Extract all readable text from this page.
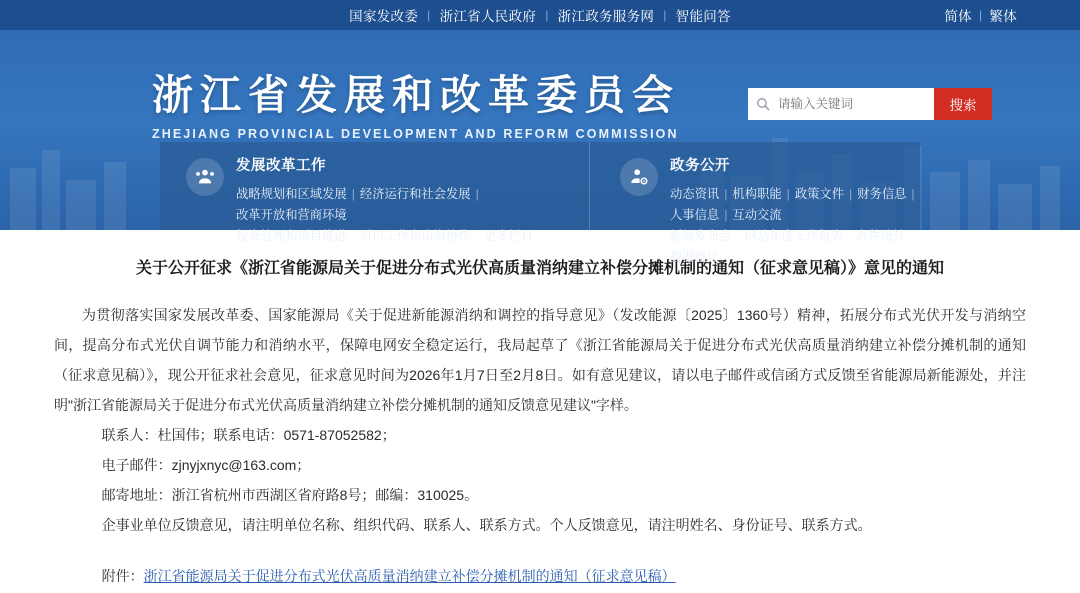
国家发改委 | 浙江省人民政府 | 浙江政务服务网 | 智能问答	简体 | 繁体
浙江省发展和改革委员会
ZHEJIANG PROVINCIAL DEVELOPMENT AND REFORM COMMISSION
请输入关键词
搜索
发展改革工作
战略规划和区域发展 | 经济运行和社会发展 |改革开放和营商环境
投资管理和项目推进 | 对口工作和山海协作 | 更多栏目
政务公开
动态资讯 | 机构职能 | 政策文件 | 财务信息 |人事信息 | 互动交流
新闻发布会 | 网站年度工作报表 | 办件统计 |数据统计
关于公开征求《浙江省能源局关于促进分布式光伏高质量消纳建立补偿分摊机制的通知（征求意见稿）》意见的通知

为贯彻落实国家发展改革委、国家能源局《关于促进新能源消纳和调控的指导意见》（发改能源〔2025〕1360号）精神，拓展分布式光伏开发与消纳空间，提高分布式光伏自调节能力和消纳水平，保障电网安全稳定运行，我局起草了《浙江省能源局关于促进分布式光伏高质量消纳建立补偿分摊机制的通知（征求意见稿）》，现公开征求社会意见，征求意见时间为2026年1月7日至2月8日。如有意见建议，请以电子邮件或信函方式反馈至省能源局新能源处，并注明"浙江省能源局关于促进分布式光伏高质量消纳建立补偿分摊机制的通知反馈意见建议"字样。

联系人：杜国伟；联系电话：0571-87052582；

电子邮件：zjnyjxnyc@163.com；

邮寄地址：浙江省杭州市西湖区省府路8号；邮编：310025。

企事业单位反馈意见，请注明单位名称、组织代码、联系人、联系方式。个人反馈意见，请注明姓名、身份证号、联系方式。

附件：浙江省能源局关于促进分布式光伏高质量消纳建立补偿分摊机制的通知（征求意见稿）
